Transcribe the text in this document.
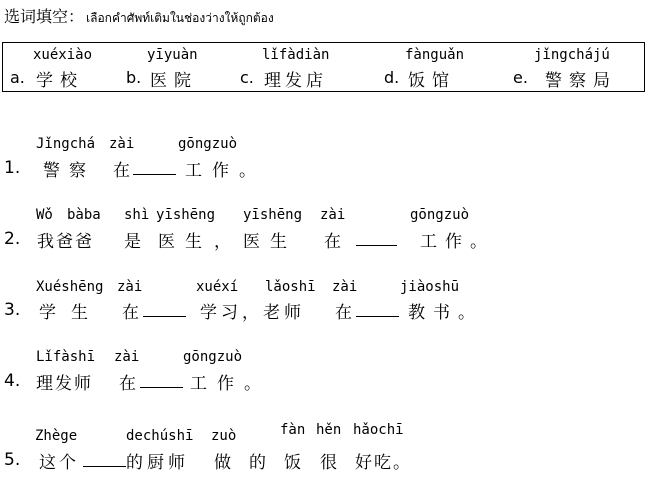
选词填空： เลือกคำศัพท์เติมในช่องว่างให้ถูกต้อง
xuéxiào
a. 学校
yīyuàn
b. 医院
lǐfàdiàn
c. 理发店
fànguǎn
d. 饭馆
jǐngchájú
e. 警察局
Jǐngchá zài	gōngzuò
1. 警察 在	工作。
Wǒ bàba shì yīshēng yīshēng zài	gōngzuò
2. 我爸爸 是 医生 ， 医生 在	工作。
Xuéshēng zài	xuéxí lǎoshī zài	jiàoshū
3. 学生 在	学习，老师 在	教书。
Lǐfàshī zài	gōngzuò
4. 理发师 在	工作。
Zhège	dechúshī zuò	fàn hěn hǎochī
5. 这个	的厨师 做 的 饭 很 好吃。
